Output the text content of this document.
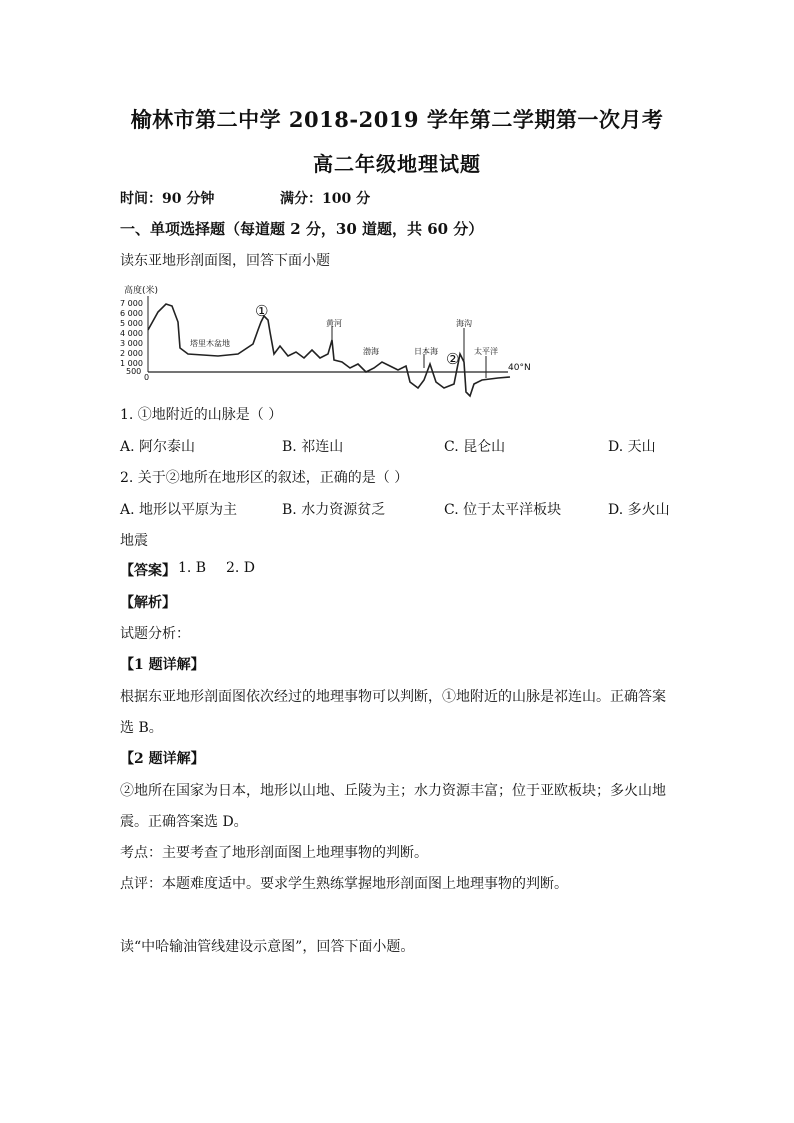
榆林市第二中学 2018-2019 学年第二学期第一次月考
高二年级地理试题
时间：90 分钟	满分：100 分
一、单项选择题（每道题 2 分，30 道题，共 60 分）
读东亚地形剖面图，回答下面小题
高度(米)
7 000
6 000
5 000
4 000
3 000
2 000
1 000
500
0
塔里木盆地
黄河
渤海	日本海
海沟
太平洋
40°N
①
②
1. ①地附近的山脉是（ ）
A. 阿尔泰山	B. 祁连山	C. 昆仑山	D. 天山
2. 关于②地所在地形区的叙述，正确的是（ ）
A. 地形以平原为主	B. 水力资源贫乏	C. 位于太平洋板块	D. 多火山
地震
【答案】 1. B 2. D
【解析】
试题分析：
【1 题详解】
根据东亚地形剖面图依次经过的地理事物可以判断，①地附近的山脉是祁连山。正确答案
选 B。
【2 题详解】
②地所在国家为日本，地形以山地、丘陵为主；水力资源丰富；位于亚欧板块；多火山地
震。正确答案选 D。
考点：主要考查了地形剖面图上地理事物的判断。
点评：本题难度适中。要求学生熟练掌握地形剖面图上地理事物的判断。
读“中哈输油管线建设示意图”，回答下面小题。
